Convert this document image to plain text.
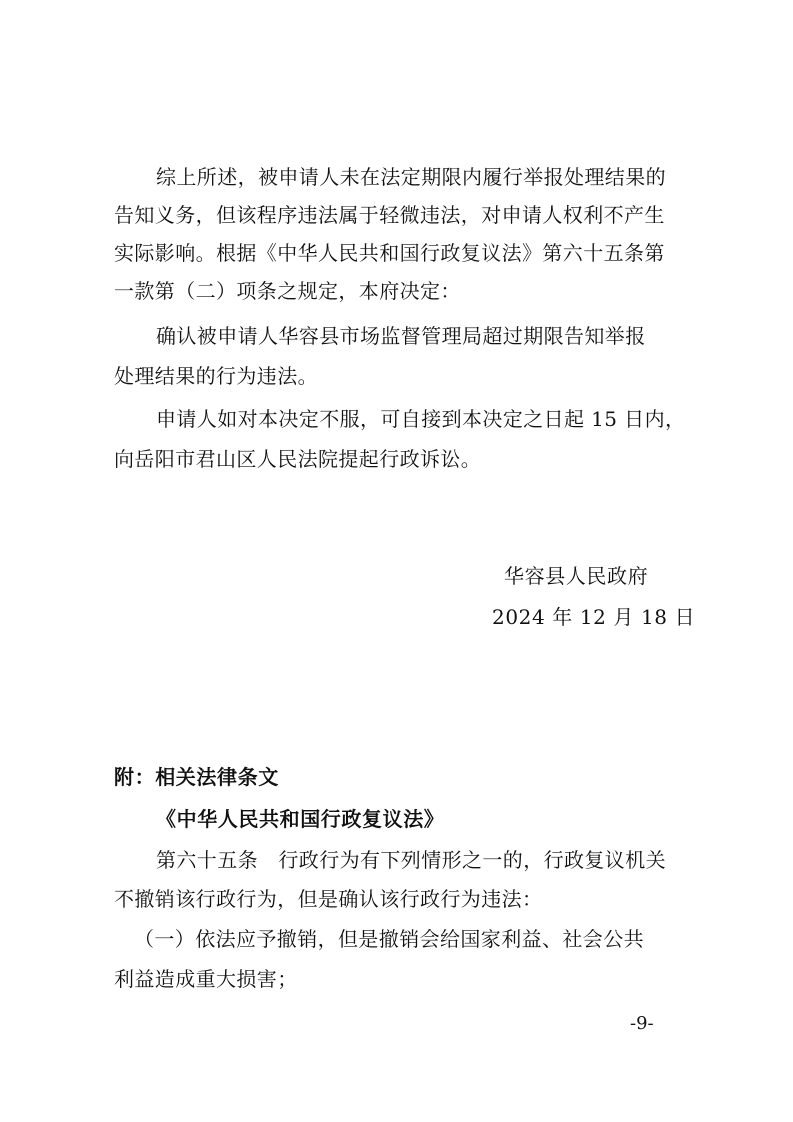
综上所述，被申请人未在法定期限内履行举报处理结果的
告知义务，但该程序违法属于轻微违法，对申请人权利不产生
实际影响。根据《中华人民共和国行政复议法》第六十五条第
一款第（二）项条之规定，本府决定：
确认被申请人华容县市场监督管理局超过期限告知举报
处理结果的行为违法。
申请人如对本决定不服，可自接到本决定之日起 15 日内，
向岳阳市君山区人民法院提起行政诉讼。
华容县人民政府
2024 年 12 月 18 日
附：相关法律条文
《中华人民共和国行政复议法》
第六十五条　行政行为有下列情形之一的，行政复议机关
不撤销该行政行为，但是确认该行政行为违法：
（一）依法应予撤销，但是撤销会给国家利益、社会公共
利益造成重大损害；
-9-
